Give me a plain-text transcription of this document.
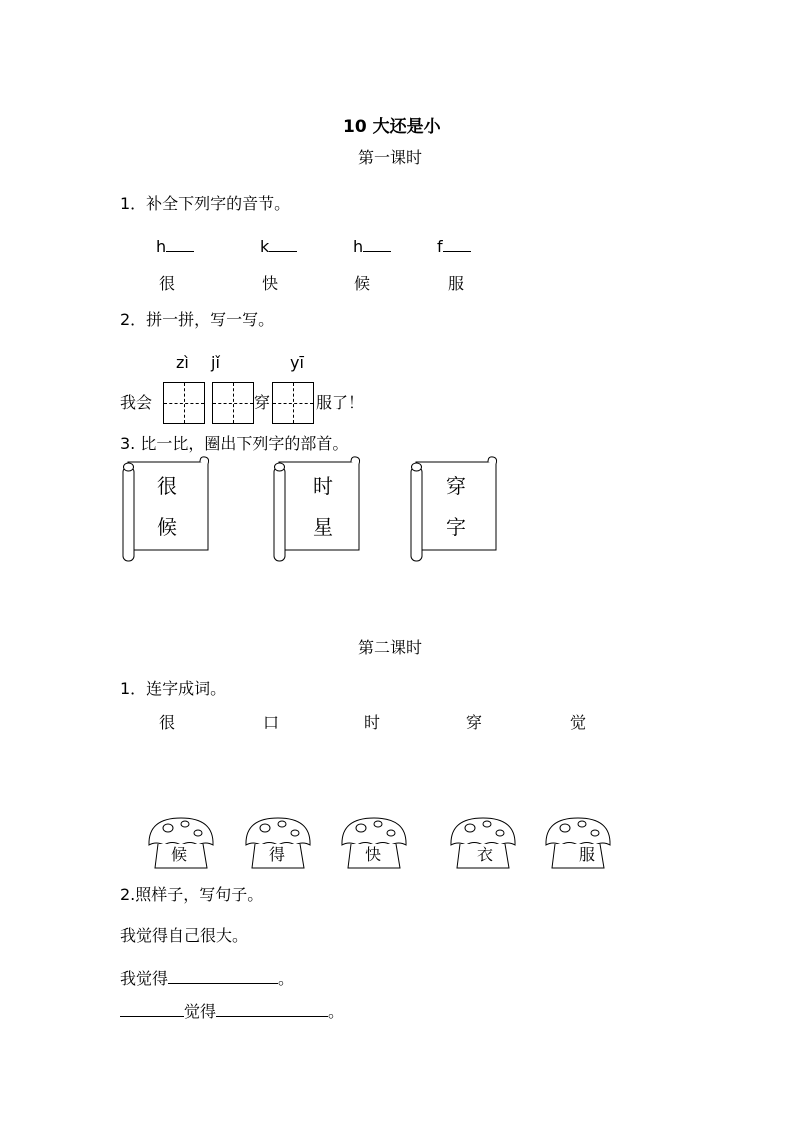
10 大还是小
第一课时
1．补全下列字的音节。
h	k	h	f
很	快	候	服
2．拼一拼，写一写。
zì jǐ	yī
我会	穿	服了！
3. 比一比，圈出下列字的部首。
很
候
时
星
穿
字
第二课时
1．连字成词。
很	口	时	穿	觉
候	得	快	衣	服
2.照样子，写句子。
我觉得自己很大。
我觉得	。
觉得	。
